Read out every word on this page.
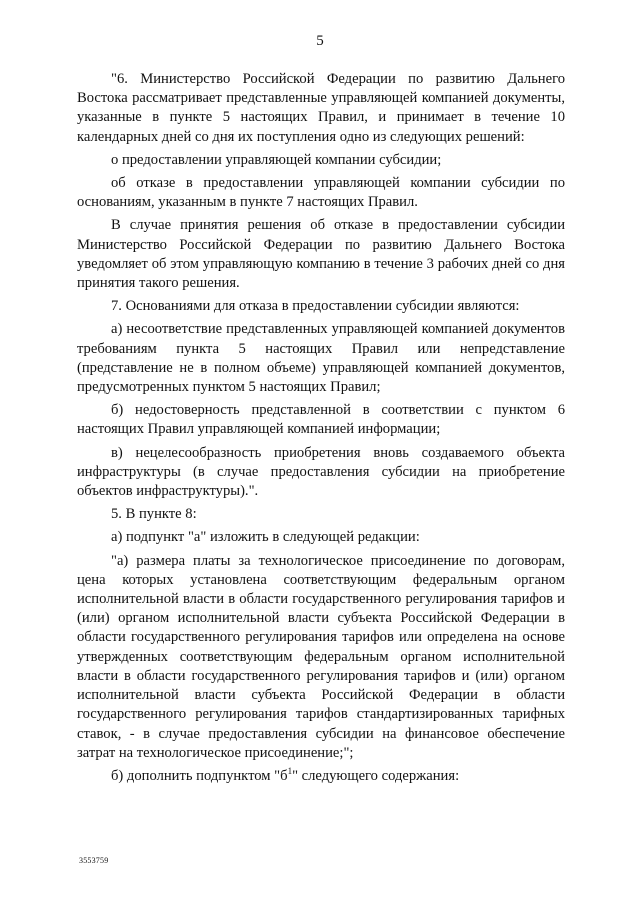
5

"6. Министерство Российской Федерации по развитию Дальнего Востока рассматривает представленные управляющей компанией документы, указанные в пункте 5 настоящих Правил, и принимает в течение 10 календарных дней со дня их поступления одно из следующих решений:

о предоставлении управляющей компании субсидии;

об отказе в предоставлении управляющей компании субсидии по основаниям, указанным в пункте 7 настоящих Правил.

В случае принятия решения об отказе в предоставлении субсидии Министерство Российской Федерации по развитию Дальнего Востока уведомляет об этом управляющую компанию в течение 3 рабочих дней со дня принятия такого решения.

7. Основаниями для отказа в предоставлении субсидии являются:

а) несоответствие представленных управляющей компанией документов требованиям пункта 5 настоящих Правил или непредставление (представление не в полном объеме) управляющей компанией документов, предусмотренных пунктом 5 настоящих Правил;

б) недостоверность представленной в соответствии с пунктом 6 настоящих Правил управляющей компанией информации;

в) нецелесообразность приобретения вновь создаваемого объекта инфраструктуры (в случае предоставления субсидии на приобретение объектов инфраструктуры).".

5. В пункте 8:

а) подпункт "а" изложить в следующей редакции:

"а) размера платы за технологическое присоединение по договорам, цена которых установлена соответствующим федеральным органом исполнительной власти в области государственного регулирования тарифов и (или) органом исполнительной власти субъекта Российской Федерации в области государственного регулирования тарифов или определена на основе утвержденных соответствующим федеральным органом исполнительной власти в области государственного регулирования тарифов и (или) органом исполнительной власти субъекта Российской Федерации в области государственного регулирования тарифов стандартизированных тарифных ставок, - в случае предоставления субсидии на финансовое обеспечение затрат на технологическое присоединение;";

б) дополнить подпунктом "$б^1$" следующего содержания:

3553759
